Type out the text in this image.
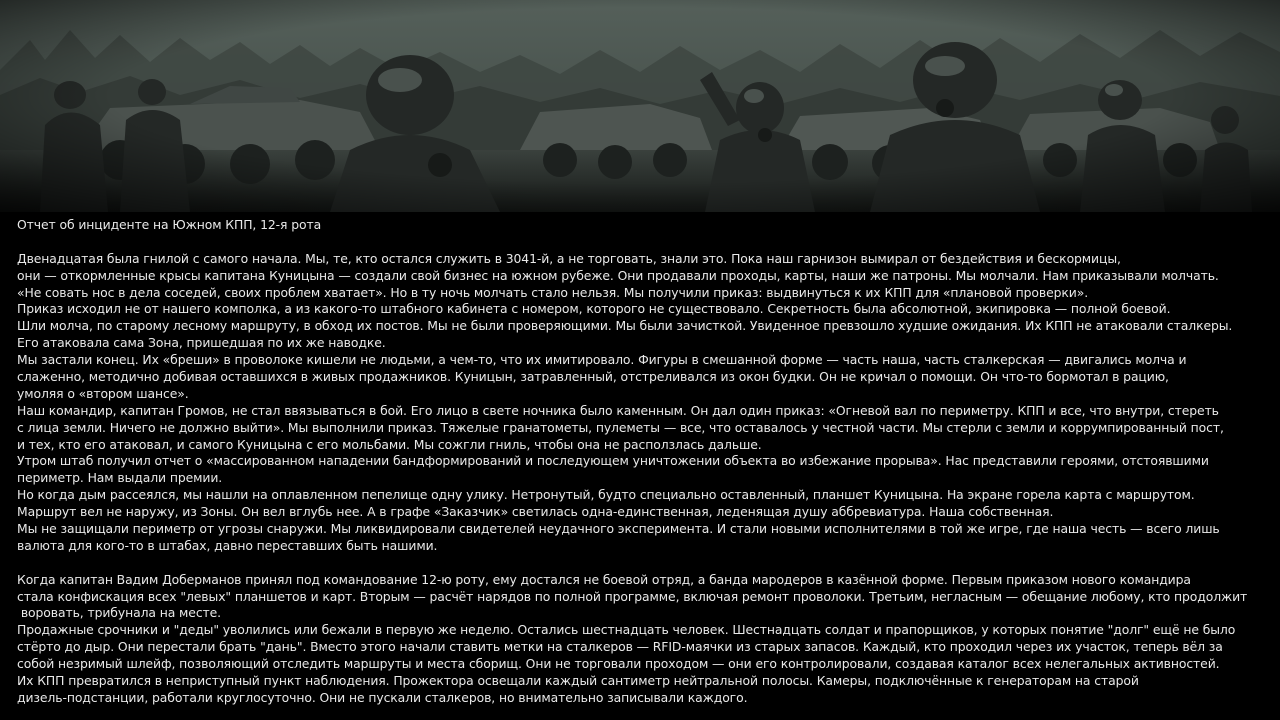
Отчет об инциденте на Южном КПП, 12-я рота
Двенадцатая была гнилой с самого начала. Мы, те, кто остался служить в 3041-й, а не торговать, знали это. Пока наш гарнизон вымирал от бездействия и бескормицы,
они — откормленные крысы капитана Куницына — создали свой бизнес на южном рубеже. Они продавали проходы, карты, наши же патроны. Мы молчали. Нам приказывали молчать.
«Не совать нос в дела соседей, своих проблем хватает». Но в ту ночь молчать стало нельзя. Мы получили приказ: выдвинуться к их КПП для «плановой проверки».
Приказ исходил не от нашего комполка, а из какого-то штабного кабинета с номером, которого не существовало. Секретность была абсолютной, экипировка — полной боевой.
Шли молча, по старому лесному маршруту, в обход их постов. Мы не были проверяющими. Мы были зачисткой. Увиденное превзошло худшие ожидания. Их КПП не атаковали сталкеры.
Его атаковала сама Зона, пришедшая по их же наводке.
Мы застали конец. Их «бреши» в проволоке кишели не людьми, а чем-то, что их имитировало. Фигуры в смешанной форме — часть наша, часть сталкерская — двигались молча и
слаженно, методично добивая оставшихся в живых продажников. Куницын, затравленный, отстреливался из окон будки. Он не кричал о помощи. Он что-то бормотал в рацию,
умоляя о «втором шансе».
Наш командир, капитан Громов, не стал ввязываться в бой. Его лицо в свете ночника было каменным. Он дал один приказ: «Огневой вал по периметру. КПП и все, что внутри, стереть
с лица земли. Ничего не должно выйти». Мы выполнили приказ. Тяжелые гранатометы, пулеметы — все, что оставалось у честной части. Мы стерли с земли и коррумпированный пост,
и тех, кто его атаковал, и самого Куницына с его мольбами. Мы сожгли гниль, чтобы она не расползлась дальше.
Утром штаб получил отчет о «массированном нападении бандформирований и последующем уничтожении объекта во избежание прорыва». Нас представили героями, отстоявшими
периметр. Нам выдали премии.
Но когда дым рассеялся, мы нашли на оплавленном пепелище одну улику. Нетронутый, будто специально оставленный, планшет Куницына. На экране горела карта с маршрутом.
Маршрут вел не наружу, из Зоны. Он вел вглубь нее. А в графе «Заказчик» светилась одна-единственная, леденящая душу аббревиатура. Наша собственная.
Мы не защищали периметр от угрозы снаружи. Мы ликвидировали свидетелей неудачного эксперимента. И стали новыми исполнителями в той же игре, где наша честь — всего лишь
валюта для кого-то в штабах, давно переставших быть нашими.
Когда капитан Вадим Доберманов принял под командование 12-ю роту, ему достался не боевой отряд, а банда мародеров в казённой форме. Первым приказом нового командира
стала конфискация всех "левых" планшетов и карт. Вторым — расчёт нарядов по полной программе, включая ремонт проволоки. Третьим, негласным — обещание любому, кто продолжит
воровать, трибунала на месте.
Продажные срочники и "деды" уволились или бежали в первую же неделю. Остались шестнадцать человек. Шестнадцать солдат и прапорщиков, у которых понятие "долг" ещё не было
стёрто до дыр. Они перестали брать "дань". Вместо этого начали ставить метки на сталкеров — RFID-маячки из старых запасов. Каждый, кто проходил через их участок, теперь вёл за
собой незримый шлейф, позволяющий отследить маршруты и места сборищ. Они не торговали проходом — они его контролировали, создавая каталог всех нелегальных активностей.
Их КПП превратился в неприступный пункт наблюдения. Прожектора освещали каждый сантиметр нейтральной полосы. Камеры, подключённые к генераторам на старой
дизель-подстанции, работали круглосуточно. Они не пускали сталкеров, но внимательно записывали каждого.
